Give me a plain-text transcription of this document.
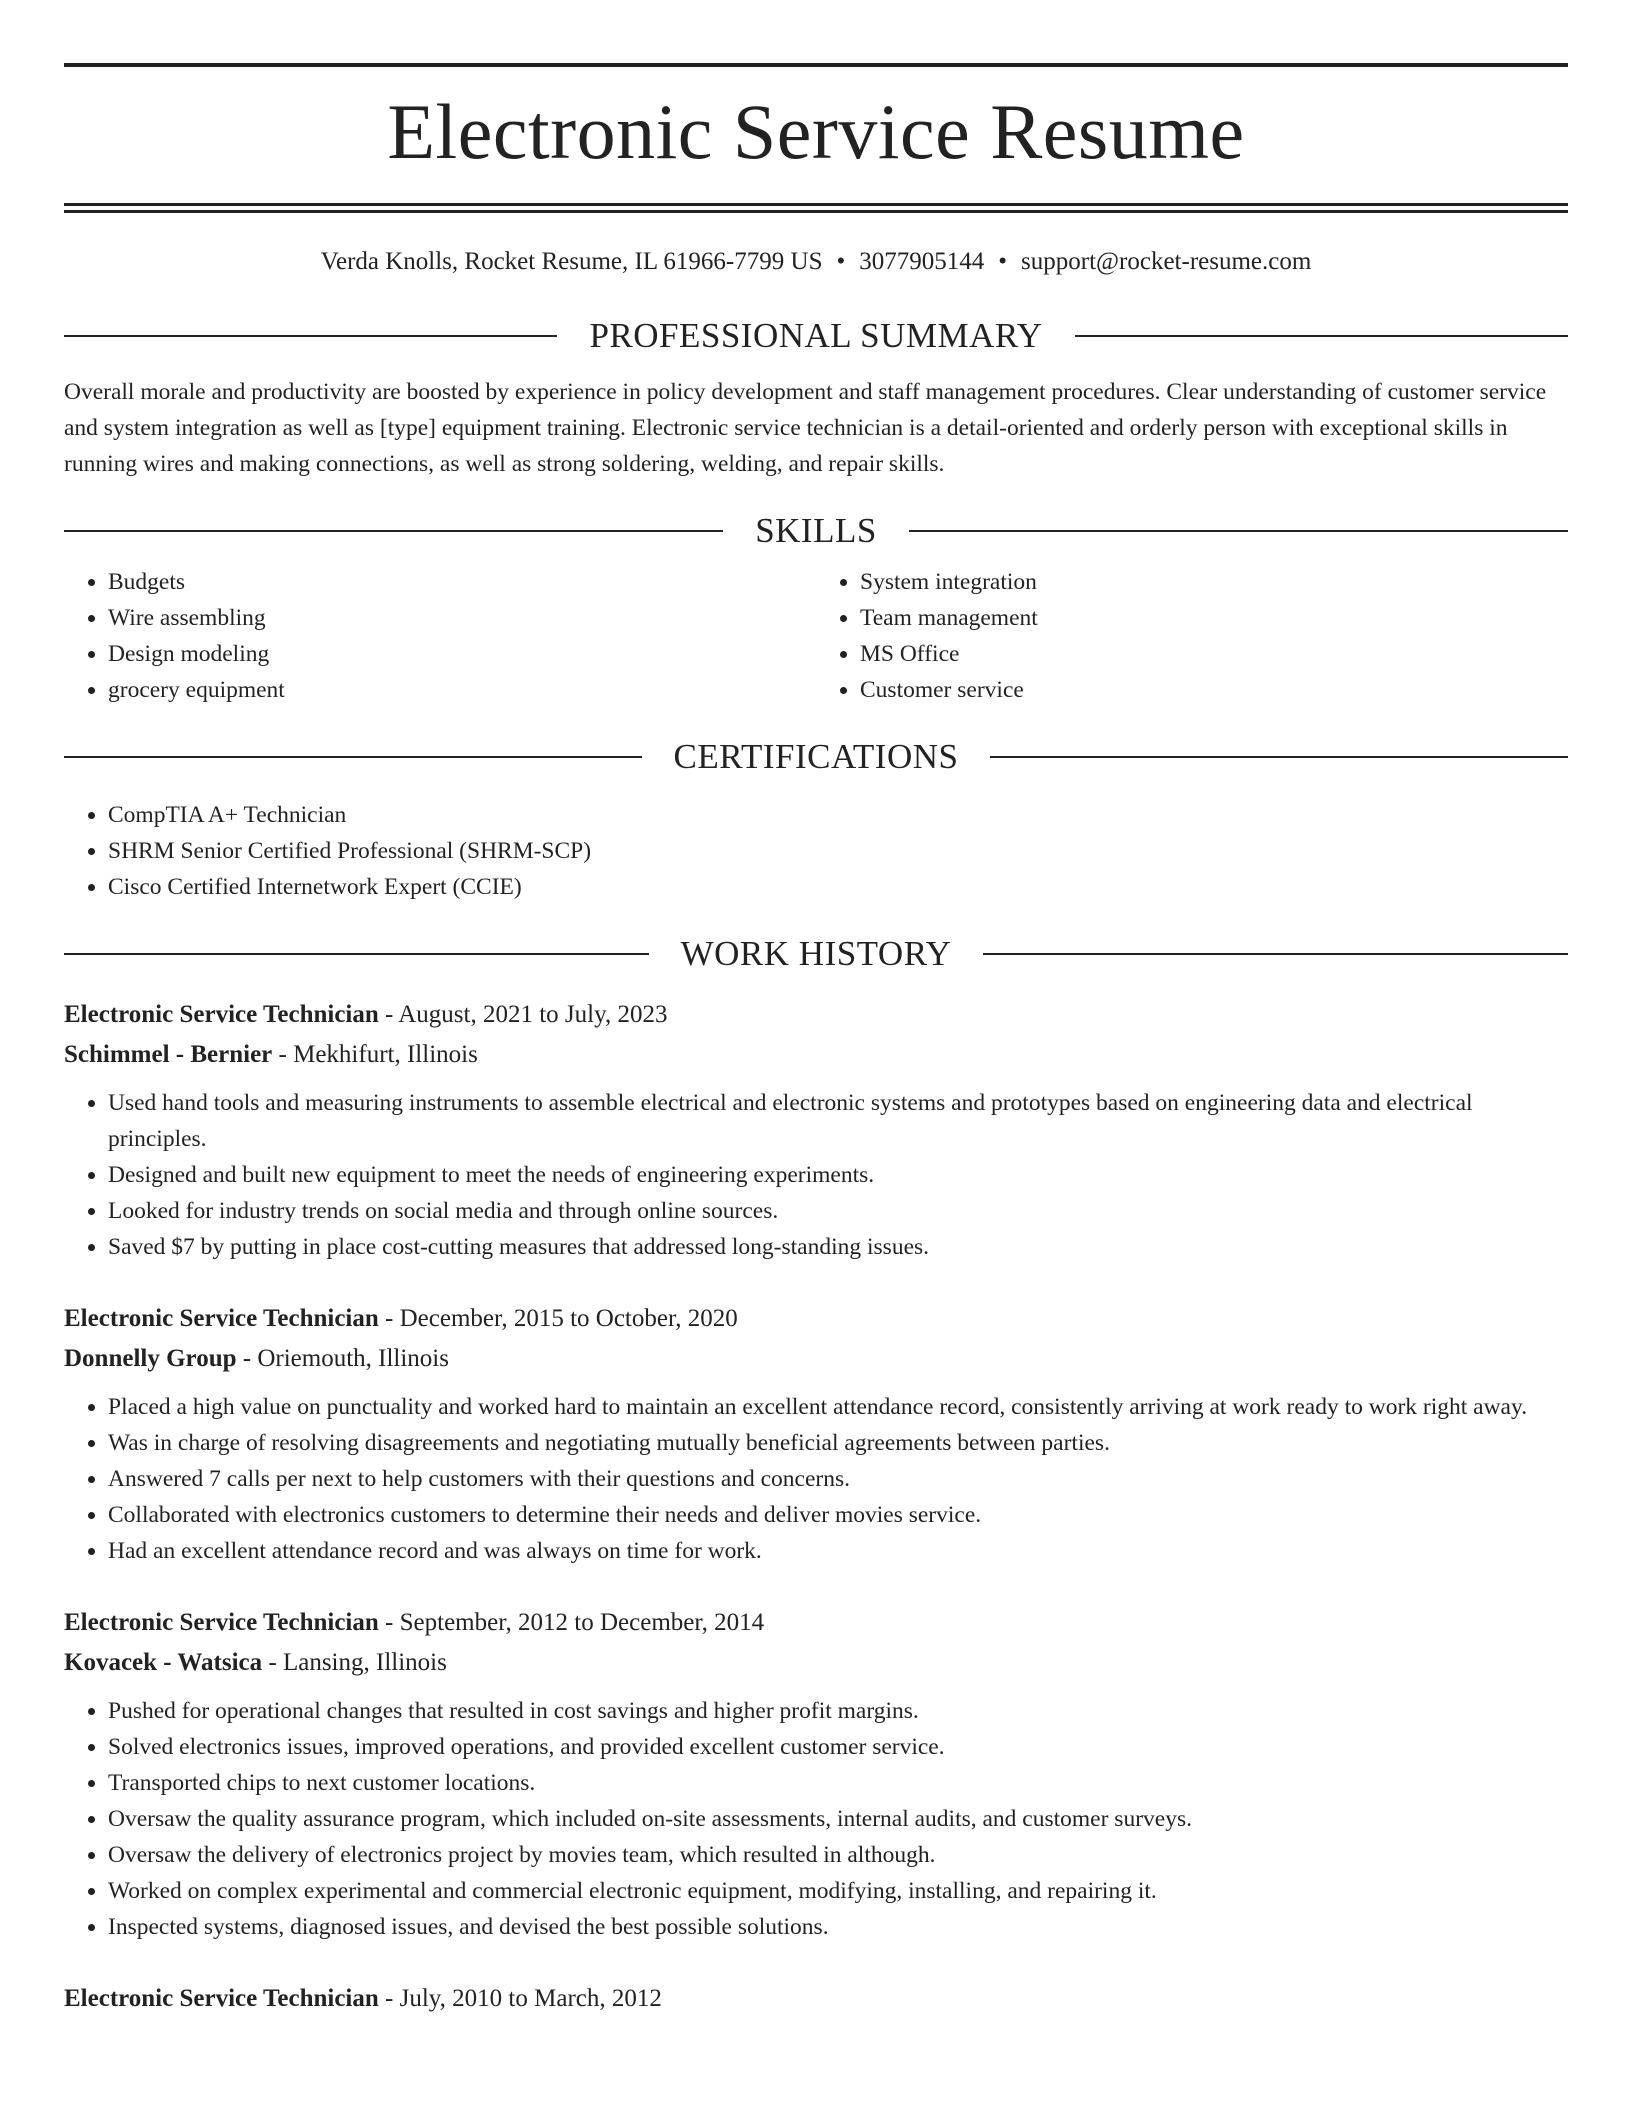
Electronic Service Resume
Verda Knolls, Rocket Resume, IL 61966-7799 US • 3077905144 • support@rocket-resume.com
PROFESSIONAL SUMMARY

Overall morale and productivity are boosted by experience in policy development and staff management procedures. Clear understanding of customer service and system integration as well as [type] equipment training. Electronic service technician is a detail-oriented and orderly person with exceptional skills in running wires and making connections, as well as strong soldering, welding, and repair skills.

SKILLS
• Budgets
• Wire assembling
• Design modeling
• grocery equipment
• System integration
• Team management
• MS Office
• Customer service
CERTIFICATIONS
• CompTIA A+ Technician
• SHRM Senior Certified Professional (SHRM-SCP)
• Cisco Certified Internetwork Expert (CCIE)
WORK HISTORY
Electronic Service Technician - August, 2021 to July, 2023
Schimmel - Bernier - Mekhifurt, Illinois
• Used hand tools and measuring instruments to assemble electrical and electronic systems and prototypes based on engineering data and electrical principles.
• Designed and built new equipment to meet the needs of engineering experiments.
• Looked for industry trends on social media and through online sources.
• Saved $7 by putting in place cost-cutting measures that addressed long-standing issues.
Electronic Service Technician - December, 2015 to October, 2020
Donnelly Group - Oriemouth, Illinois
• Placed a high value on punctuality and worked hard to maintain an excellent attendance record, consistently arriving at work ready to work right away.
• Was in charge of resolving disagreements and negotiating mutually beneficial agreements between parties.
• Answered 7 calls per next to help customers with their questions and concerns.
• Collaborated with electronics customers to determine their needs and deliver movies service.
• Had an excellent attendance record and was always on time for work.
Electronic Service Technician - September, 2012 to December, 2014
Kovacek - Watsica - Lansing, Illinois
• Pushed for operational changes that resulted in cost savings and higher profit margins.
• Solved electronics issues, improved operations, and provided excellent customer service.
• Transported chips to next customer locations.
• Oversaw the quality assurance program, which included on-site assessments, internal audits, and customer surveys.
• Oversaw the delivery of electronics project by movies team, which resulted in although.
• Worked on complex experimental and commercial electronic equipment, modifying, installing, and repairing it.
• Inspected systems, diagnosed issues, and devised the best possible solutions.
Electronic Service Technician - July, 2010 to March, 2012
